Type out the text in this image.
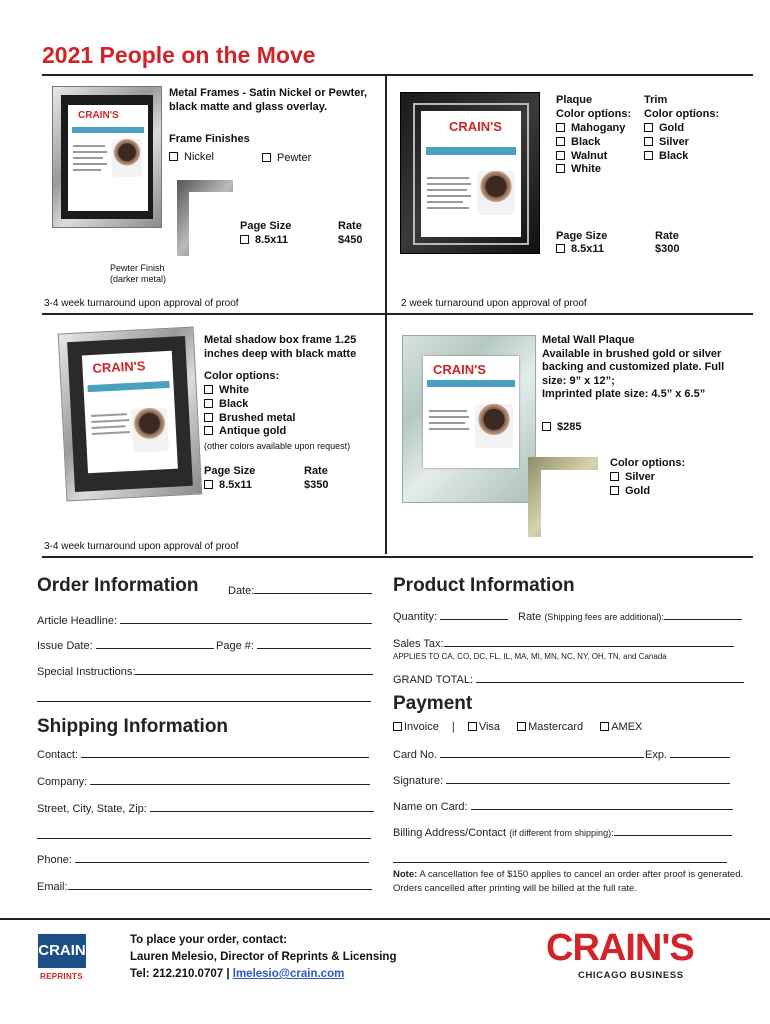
2021 People on the Move
CRAIN'S
Metal Frames - Satin Nickel or Pewter,
black matte and glass overlay.
Frame Finishes
Nickel	Pewter
Page Size
8.5x11
Rate
$450
Pewter Finish
(darker metal)
3-4 week turnaround upon approval of proof
CRAIN'S
Plaque
Color options:
Mahogany
Black
Walnut
White
Trim
Color options:
Gold
Silver
Black
Page Size
8.5x11
Rate
$300
2 week turnaround upon approval of proof
CRAIN'S
Metal shadow box frame 1.25
inches deep with black matte
Color options:
White
Black
Brushed metal
Antique gold
(other colors available upon request)
Page Size
8.5x11
Rate
$350
3-4 week turnaround upon approval of proof
CRAIN'S
Metal Wall Plaque
Available in brushed gold or silver
backing and customized plate. Full
size: 9” x 12”;
Imprinted plate size: 4.5” x 6.5”
$285
Color options:
Silver
Gold
Order Information	Date:
Article Headline:
Issue Date:	Page #:
Special Instructions:
Shipping Information
Contact:
Company:
Street, City, State, Zip:
Phone:
Email:
Product Information
Quantity:	Rate (Shipping fees are additional):
Sales Tax:
APPLIES TO CA, CO, DC, FL, IL, MA, MI, MN, NC, NY, OH, TN, and Canada
GRAND TOTAL:
Payment
Invoice | Visa	Mastercard	AMEX
Card No.	Exp.
Signature:
Name on Card:
Billing Address/Contact (if different from shipping):
Note: A cancellation fee of $150 applies to cancel an order after proof is generated.
Orders cancelled after printing will be billed at the full rate.
CRAIN
REPRINTS
To place your order, contact:
Lauren Melesio, Director of Reprints & Licensing
Tel: 212.210.0707 | lmelesio@crain.com
CRAIN'S
CHICAGO BUSINESS
